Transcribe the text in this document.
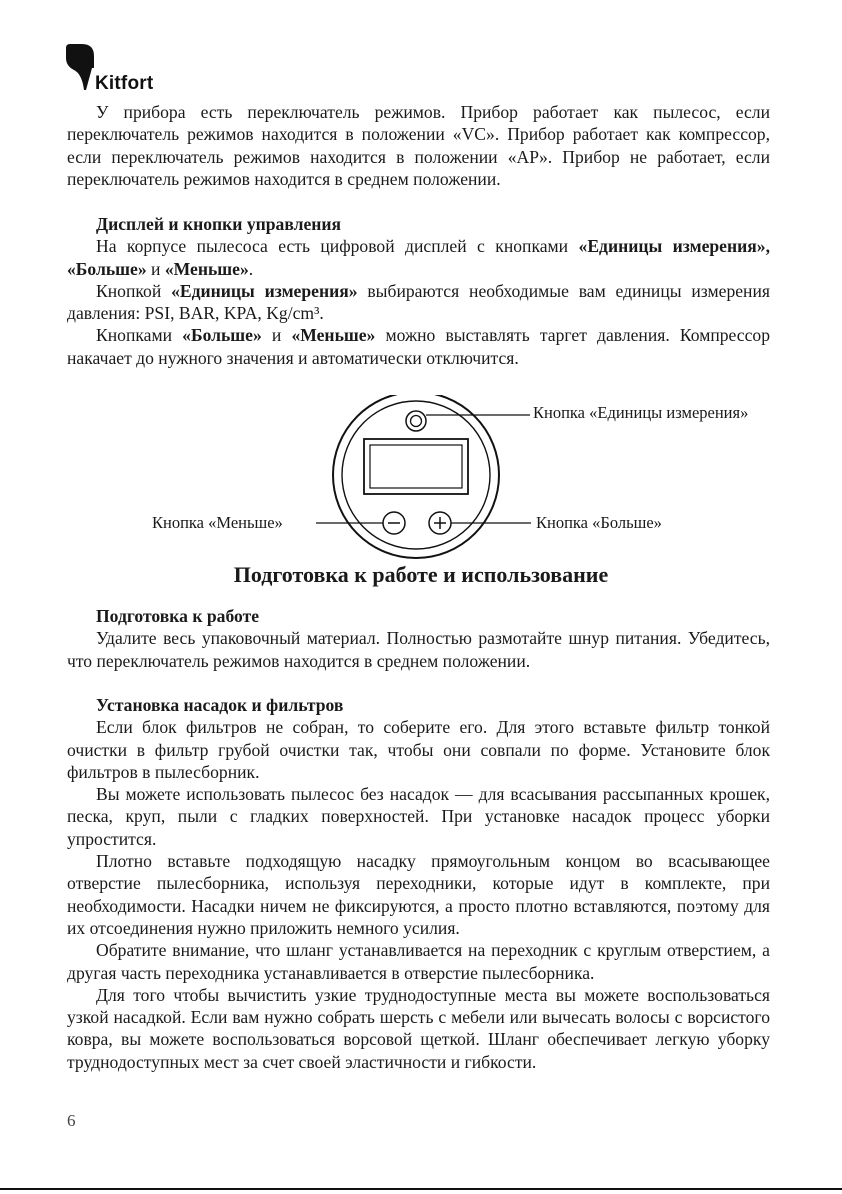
Kitfort

У прибора есть переключатель режимов. Прибор работает как пылесос, если переключатель режимов находится в положении «VC». Прибор работает как компрессор, если переключатель режимов находится в положении «AP». Прибор не работает, если переключатель режимов находится в среднем положении.

Дисплей и кнопки управления

На корпусе пылесоса есть цифровой дисплей с кнопками «Единицы измерения», «Больше» и «Меньше».

Кнопкой «Единицы измерения» выбираются необходимые вам единицы измерения давления: PSI, BAR, KPA, Kg/cm³.

Кнопками «Больше» и «Меньше» можно выставлять таргет давления. Компрессор накачает до нужного значения и автоматически отключится.

Кнопка «Единицы измерения»
Кнопка «Меньше»	Кнопка «Больше»
Подготовка к работе и использование

Подготовка к работе

Удалите весь упаковочный материал. Полностью размотайте шнур питания. Убедитесь, что переключатель режимов находится в среднем положении.

Установка насадок и фильтров

Если блок фильтров не собран, то соберите его. Для этого вставьте фильтр тонкой очистки в фильтр грубой очистки так, чтобы они совпали по форме. Установите блок фильтров в пылесборник.

Вы можете использовать пылесос без насадок — для всасывания рассыпанных крошек, песка, круп, пыли с гладких поверхностей. При установке насадок процесс уборки упростится.

Плотно вставьте подходящую насадку прямоугольным концом во всасывающее отверстие пылесборника, используя переходники, которые идут в комплекте, при необходимости. Насадки ничем не фиксируются, а просто плотно вставляются, поэтому для их отсоединения нужно приложить немного усилия.

Обратите внимание, что шланг устанавливается на переходник с круглым отверстием, а другая часть переходника устанавливается в отверстие пылесборника.

Для того чтобы вычистить узкие труднодоступные места вы можете воспользоваться узкой насадкой. Если вам нужно собрать шерсть с мебели или вычесать волосы с ворсистого ковра, вы можете воспользоваться ворсовой щеткой. Шланг обеспечивает легкую уборку труднодоступных мест за счет своей эластичности и гибкости.

6
